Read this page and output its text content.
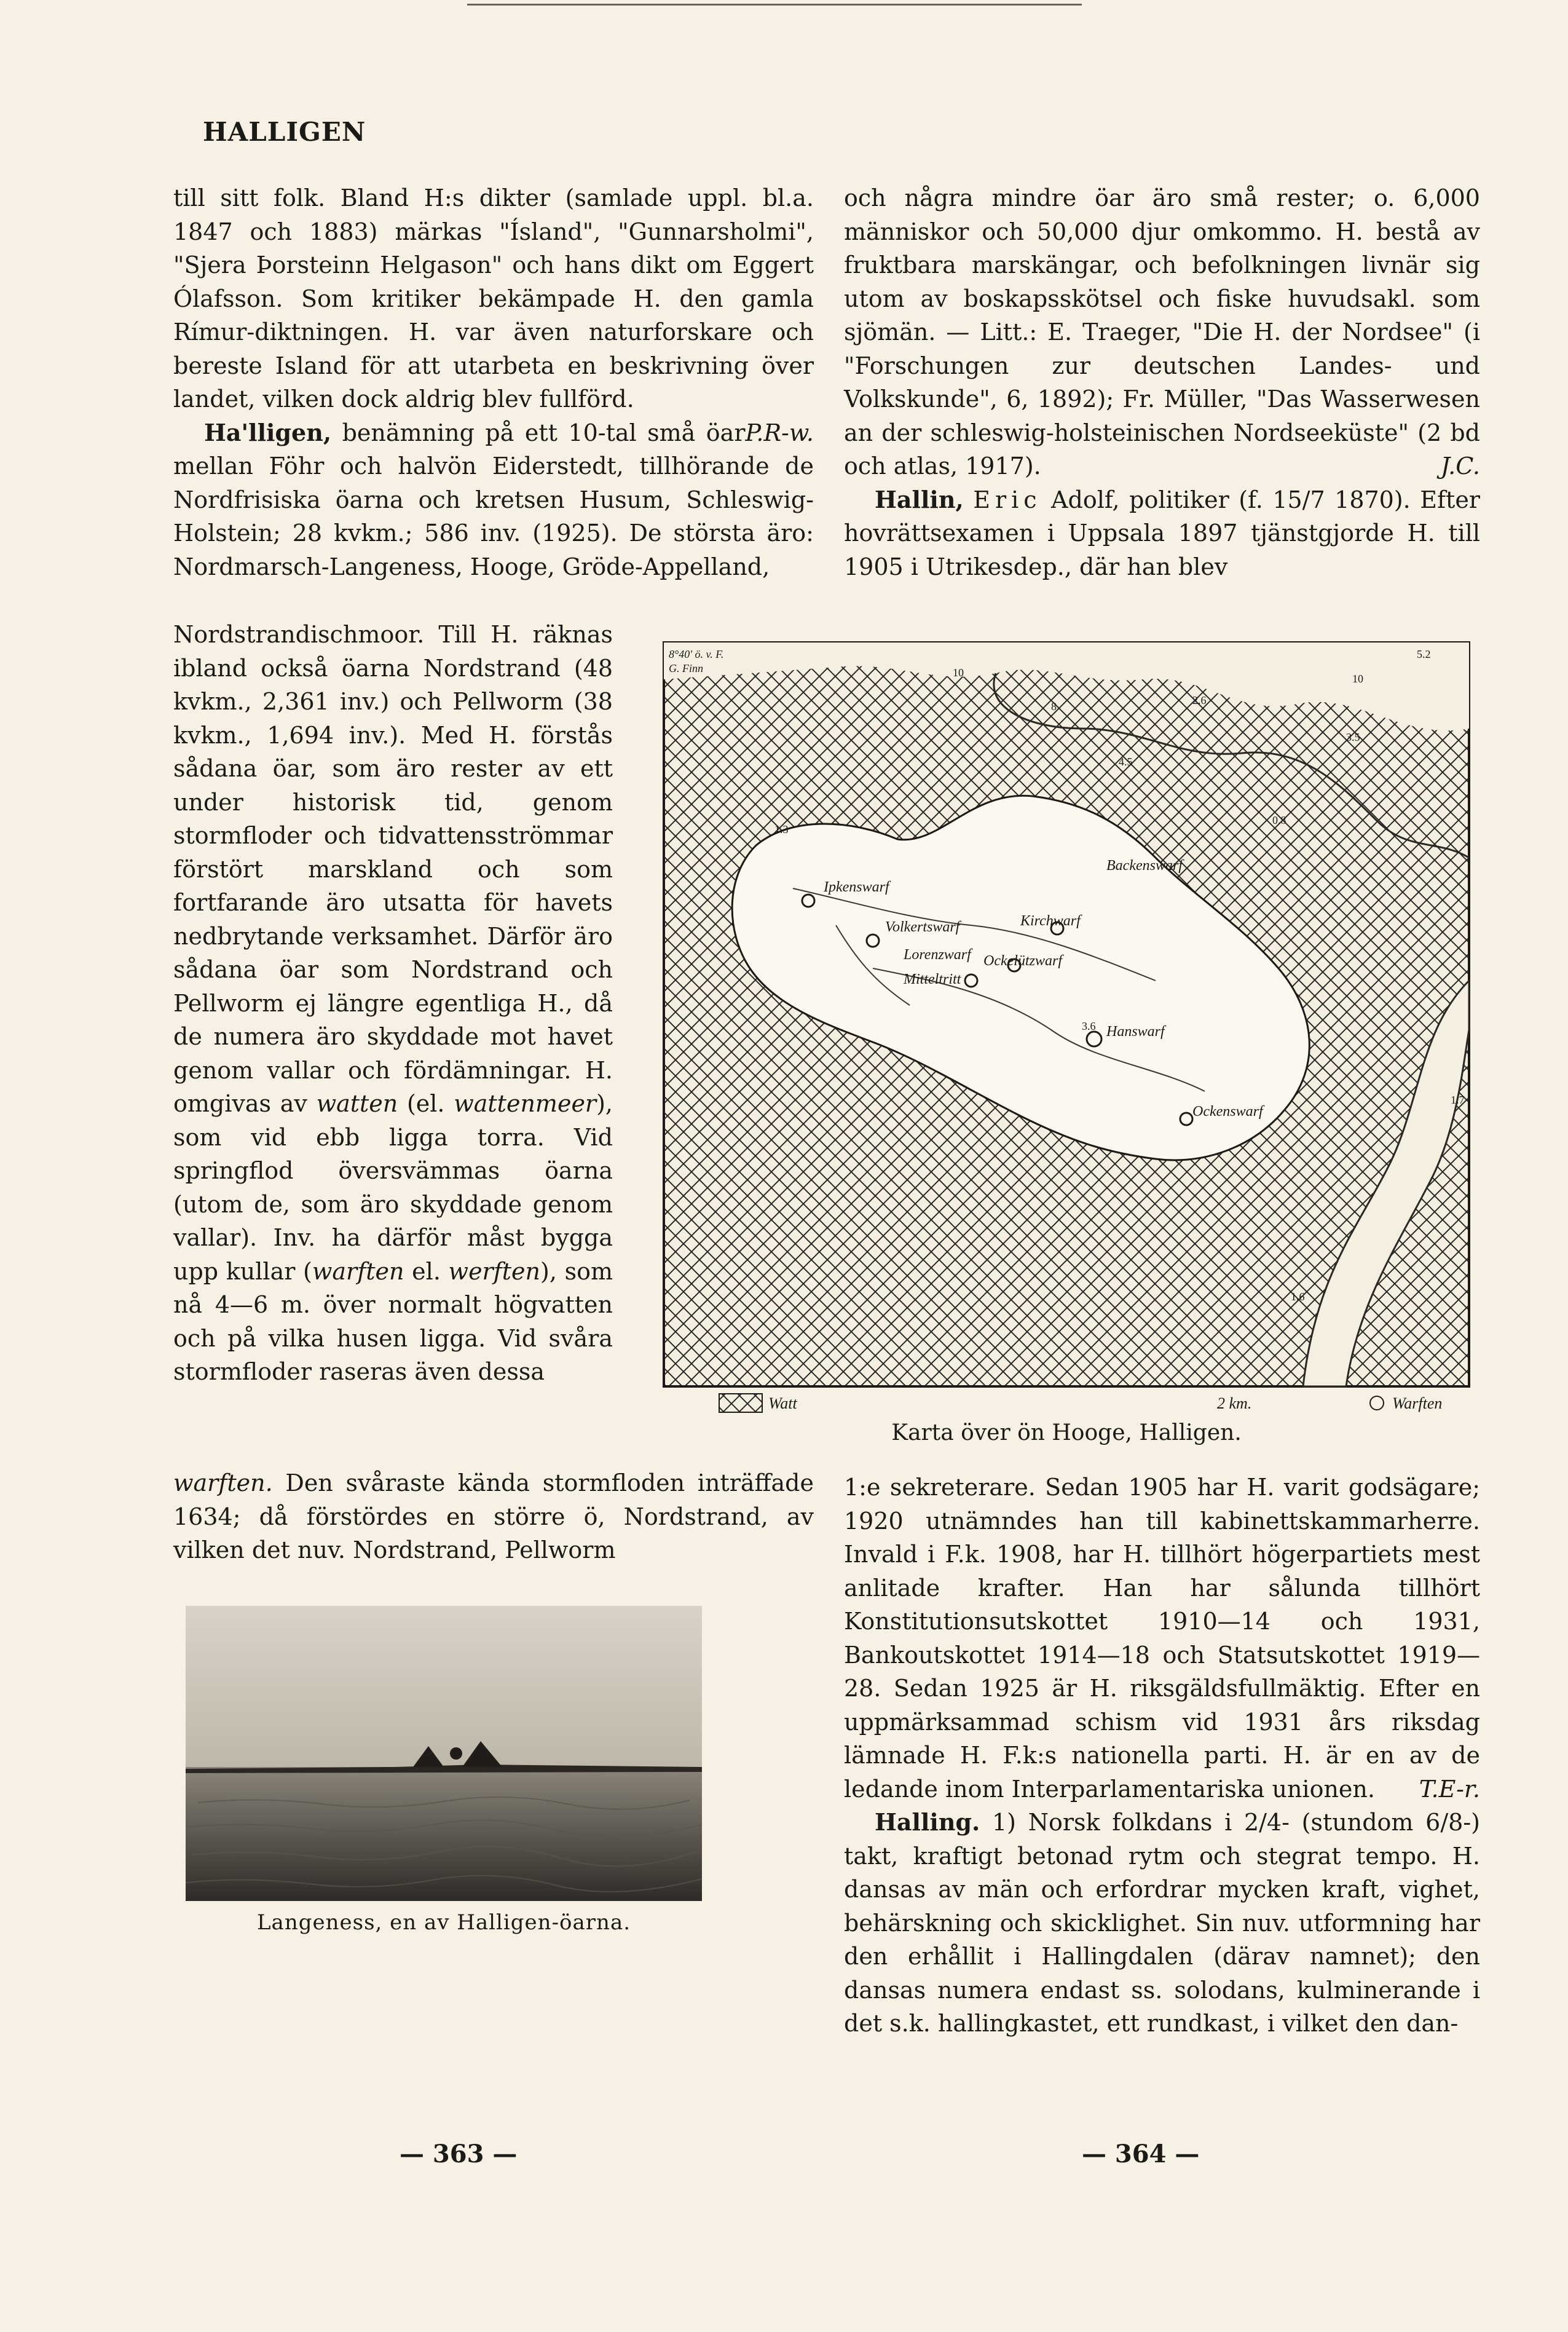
HALLIGEN

till sitt folk. Bland H:s dikter (samlade uppl. bl.a. 1847 och 1883) märkas "Ísland", "Gunnarsholmi", "Sjera Þorsteinn Helgason" och hans dikt om Eggert Ólafsson. Som kritiker bekämpade H. den gamla Rímur-diktningen. H. var även naturforskare och bereste Island för att utarbeta en beskrivning över landet, vilken dock aldrig blev fullförd.

P.R-w.

Ha'lligen, benämning på ett 10-tal små öar mellan Föhr och halvön Eiderstedt, tillhörande de Nordfrisiska öarna och kretsen Husum, Schleswig-Holstein; 28 kvkm.; 586 inv. (1925). De största äro: Nordmarsch-Langeness, Hooge, Gröde-Appelland,

Nordstrandischmoor. Till H. räknas ibland också öarna Nordstrand (48 kvkm., 2,361 inv.) och Pellworm (38 kvkm., 1,694 inv.). Med H. förstås sådana öar, som äro rester av ett under historisk tid, genom stormfloder och tidvattensströmmar förstört marskland och som fortfarande äro utsatta för havets nedbrytande verksamhet. Därför äro sådana öar som Nordstrand och Pellworm ej längre egentliga H., då de numera äro skyddade mot havet genom vallar och fördämningar. H. omgivas av watten (el. wattenmeer), som vid ebb ligga torra. Vid springflod översvämmas öarna (utom de, som äro skyddade genom vallar). Inv. ha därför måst bygga upp kullar (warften el. werften), som nå 4—6 m. över normalt högvatten och på vilka husen ligga. Vid svåra stormfloder raseras även dessa

warften. Den svåraste kända stormfloden inträffade 1634; då förstördes en större ö, Nordstrand, av vilken det nuv. Nordstrand, Pellworm

och några mindre öar äro små rester; o. 6,000 människor och 50,000 djur omkommo. H. bestå av fruktbara marskängar, och befolkningen livnär sig utom av boskapsskötsel och fiske huvudsakl. som sjömän. — Litt.: E. Traeger, "Die H. der Nordsee" (i "Forschungen zur deutschen Landes- und Volkskunde", 6, 1892); Fr. Müller, "Das Wasserwesen an der schleswig-holsteinischen Nordseeküste" (2 bd och atlas, 1917).	J.C.

Hallin, Eric Adolf, politiker (f. 15/7 1870). Efter hovrättsexamen i Uppsala 1897 tjänstgjorde H. till 1905 i Utrikesdep., där han blev

Ipkenswarf
Volkertswarf
Backenswarf
Kirchwarf
Lorenzwarf
Mitteltritt
Ockelützwarf
Hanswarf
Ockenswarf
10
2.6
3.5
4.5
0.8
1.3
3.6
1.7
1.6
10
8
5.2
8°40' ö. v. F.
G. Finn
Watt	2 km.	Warften
Karta över ön Hooge, Halligen.

1:e sekreterare. Sedan 1905 har H. varit godsägare; 1920 utnämndes han till kabinettskammarherre. Invald i F.k. 1908, har H. tillhört högerpartiets mest anlitade krafter. Han har sålunda tillhört Konstitutionsutskottet 1910—14 och 1931, Bankoutskottet 1914—18 och Statsutskottet 1919—28. Sedan 1925 är H. riksgäldsfullmäktig. Efter en uppmärksammad schism vid 1931 års riksdag lämnade H. F.k:s nationella parti. H. är en av de ledande inom Interparlamentariska unionen. T.E-r.

Halling. 1) Norsk folkdans i 2/4- (stundom 6/8-) takt, kraftigt betonad rytm och stegrat tempo. H. dansas av män och erfordrar mycken kraft, vighet, behärskning och skicklighet. Sin nuv. utformning har den erhållit i Hallingdalen (därav namnet); den dansas numera endast ss. solodans, kulminerande i det s.k. hallingkastet, ett rundkast, i vilket den dan-

Langeness, en av Halligen-öarna.
— 363 —	— 364 —
